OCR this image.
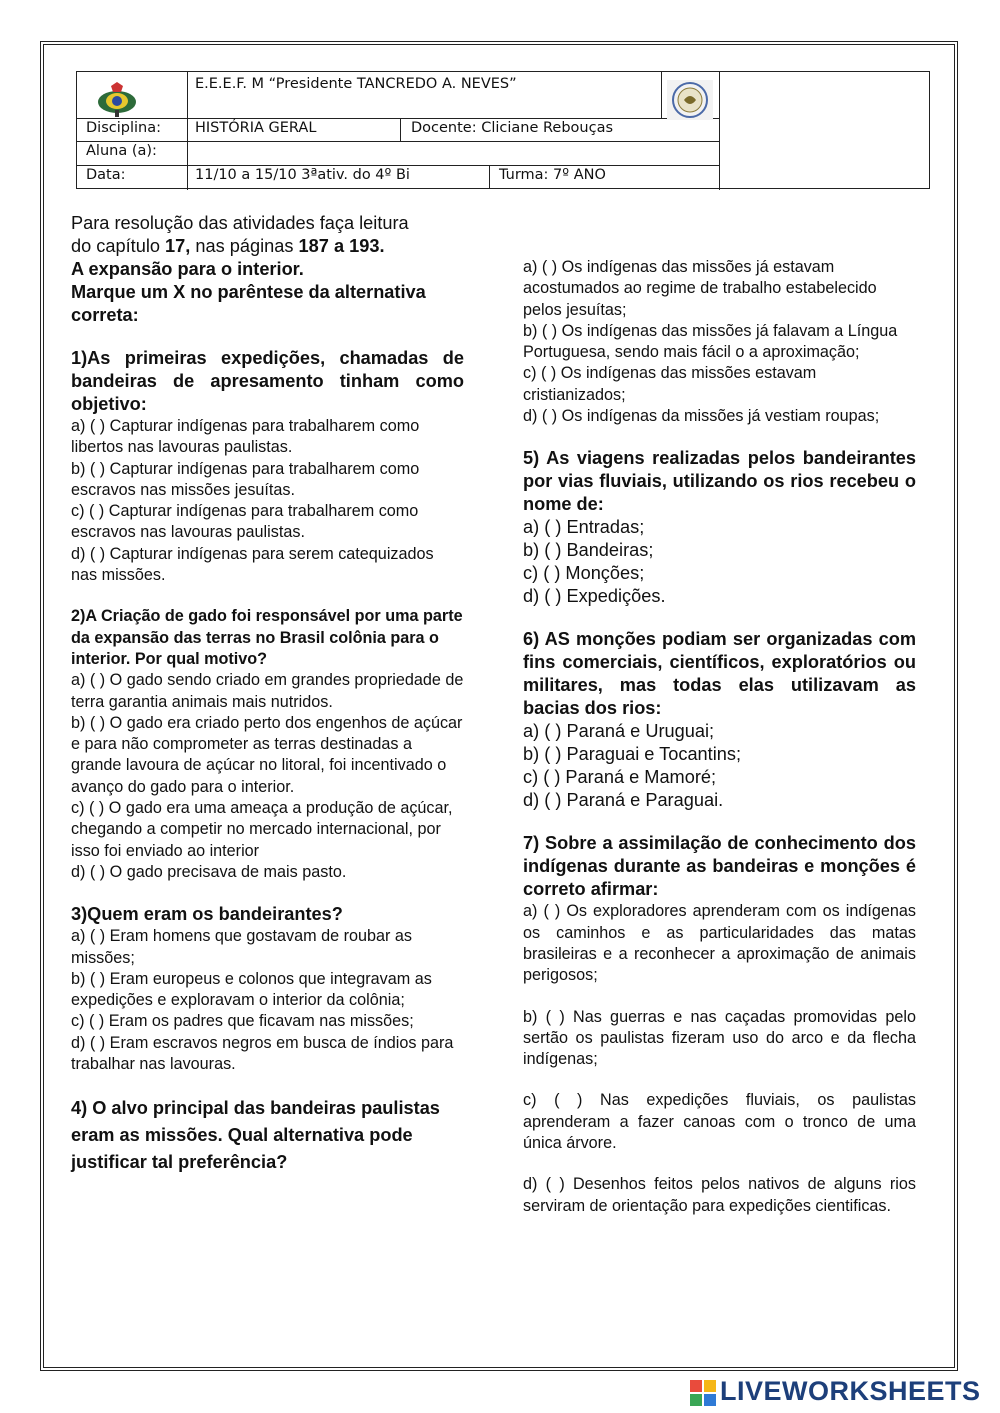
E.E.E.F. M “Presidente TANCREDO A. NEVES”
Disciplina: HISTÓRIA GERAL	Docente: Cliciane Rebouças
Aluna (a):
Data:	11/10 a 15/10 3ªativ. do 4º Bi	Turma: 7º ANO

Para resolução das atividades faça leitura

do capítulo 17, nas páginas 187 a 193.

A expansão para o interior.

Marque um X no parêntese da alternativa correta:

1)As primeiras expedições, chamadas de bandeiras de apresamento tinham como objetivo:

a) ( ) Capturar indígenas para trabalharem como libertos nas lavouras paulistas.

b) ( ) Capturar indígenas para trabalharem como escravos nas missões jesuítas.

c) ( ) Capturar indígenas para trabalharem como escravos nas lavouras paulistas.

d) ( ) Capturar indígenas para serem catequizados nas missões.

2)A Criação de gado foi responsável por uma parte da expansão das terras no Brasil colônia para o interior. Por qual motivo?

a) ( ) O gado sendo criado em grandes propriedade de terra garantia animais mais nutridos.

b) ( ) O gado era criado perto dos engenhos de açúcar e para não comprometer as terras destinadas a grande lavoura de açúcar no litoral, foi incentivado o avanço do gado para o interior.

c) ( ) O gado era uma ameaça a produção de açúcar, chegando a competir no mercado internacional, por isso foi enviado ao interior

d) ( ) O gado precisava de mais pasto.

3)Quem eram os bandeirantes?

a) ( ) Eram homens que gostavam de roubar as missões;

b) ( ) Eram europeus e colonos que integravam as expedições e exploravam o interior da colônia;

c) ( ) Eram os padres que ficavam nas missões;

d) ( ) Eram escravos negros em busca de índios para trabalhar nas lavouras.

4) O alvo principal das bandeiras paulistas eram as missões. Qual alternativa pode justificar tal preferência?

a) ( ) Os indígenas das missões já estavam acostumados ao regime de trabalho estabelecido pelos jesuítas;

b) ( ) Os indígenas das missões já falavam a Língua Portuguesa, sendo mais fácil o a aproximação;

c) ( ) Os indígenas das missões estavam cristianizados;

d) ( ) Os indígenas da missões já vestiam roupas;

5) As viagens realizadas pelos bandeirantes por vias fluviais, utilizando os rios recebeu o nome de:

a) ( ) Entradas;

b) ( ) Bandeiras;

c) ( ) Monções;

d) ( ) Expedições.

6) AS monções podiam ser organizadas com fins comerciais, científicos, exploratórios ou militares, mas todas elas utilizavam as bacias dos rios:

a) ( ) Paraná e Uruguai;

b) ( ) Paraguai e Tocantins;

c) ( ) Paraná e Mamoré;

d) ( ) Paraná e Paraguai.

7) Sobre a assimilação de conhecimento dos indígenas durante as bandeiras e monções é correto afirmar:

a) ( ) Os exploradores aprenderam com os indígenas os caminhos e as particularidades das matas brasileiras e a reconhecer a aproximação de animais perigosos;

b) ( ) Nas guerras e nas caçadas promovidas pelo sertão os paulistas fizeram uso do arco e da flecha indígenas;

c) ( ) Nas expedições fluviais, os paulistas aprenderam a fazer canoas com o tronco de uma única árvore.

d) ( ) Desenhos feitos pelos nativos de alguns rios serviram de orientação para expedições cientificas.

LIVEWORKSHEETS
